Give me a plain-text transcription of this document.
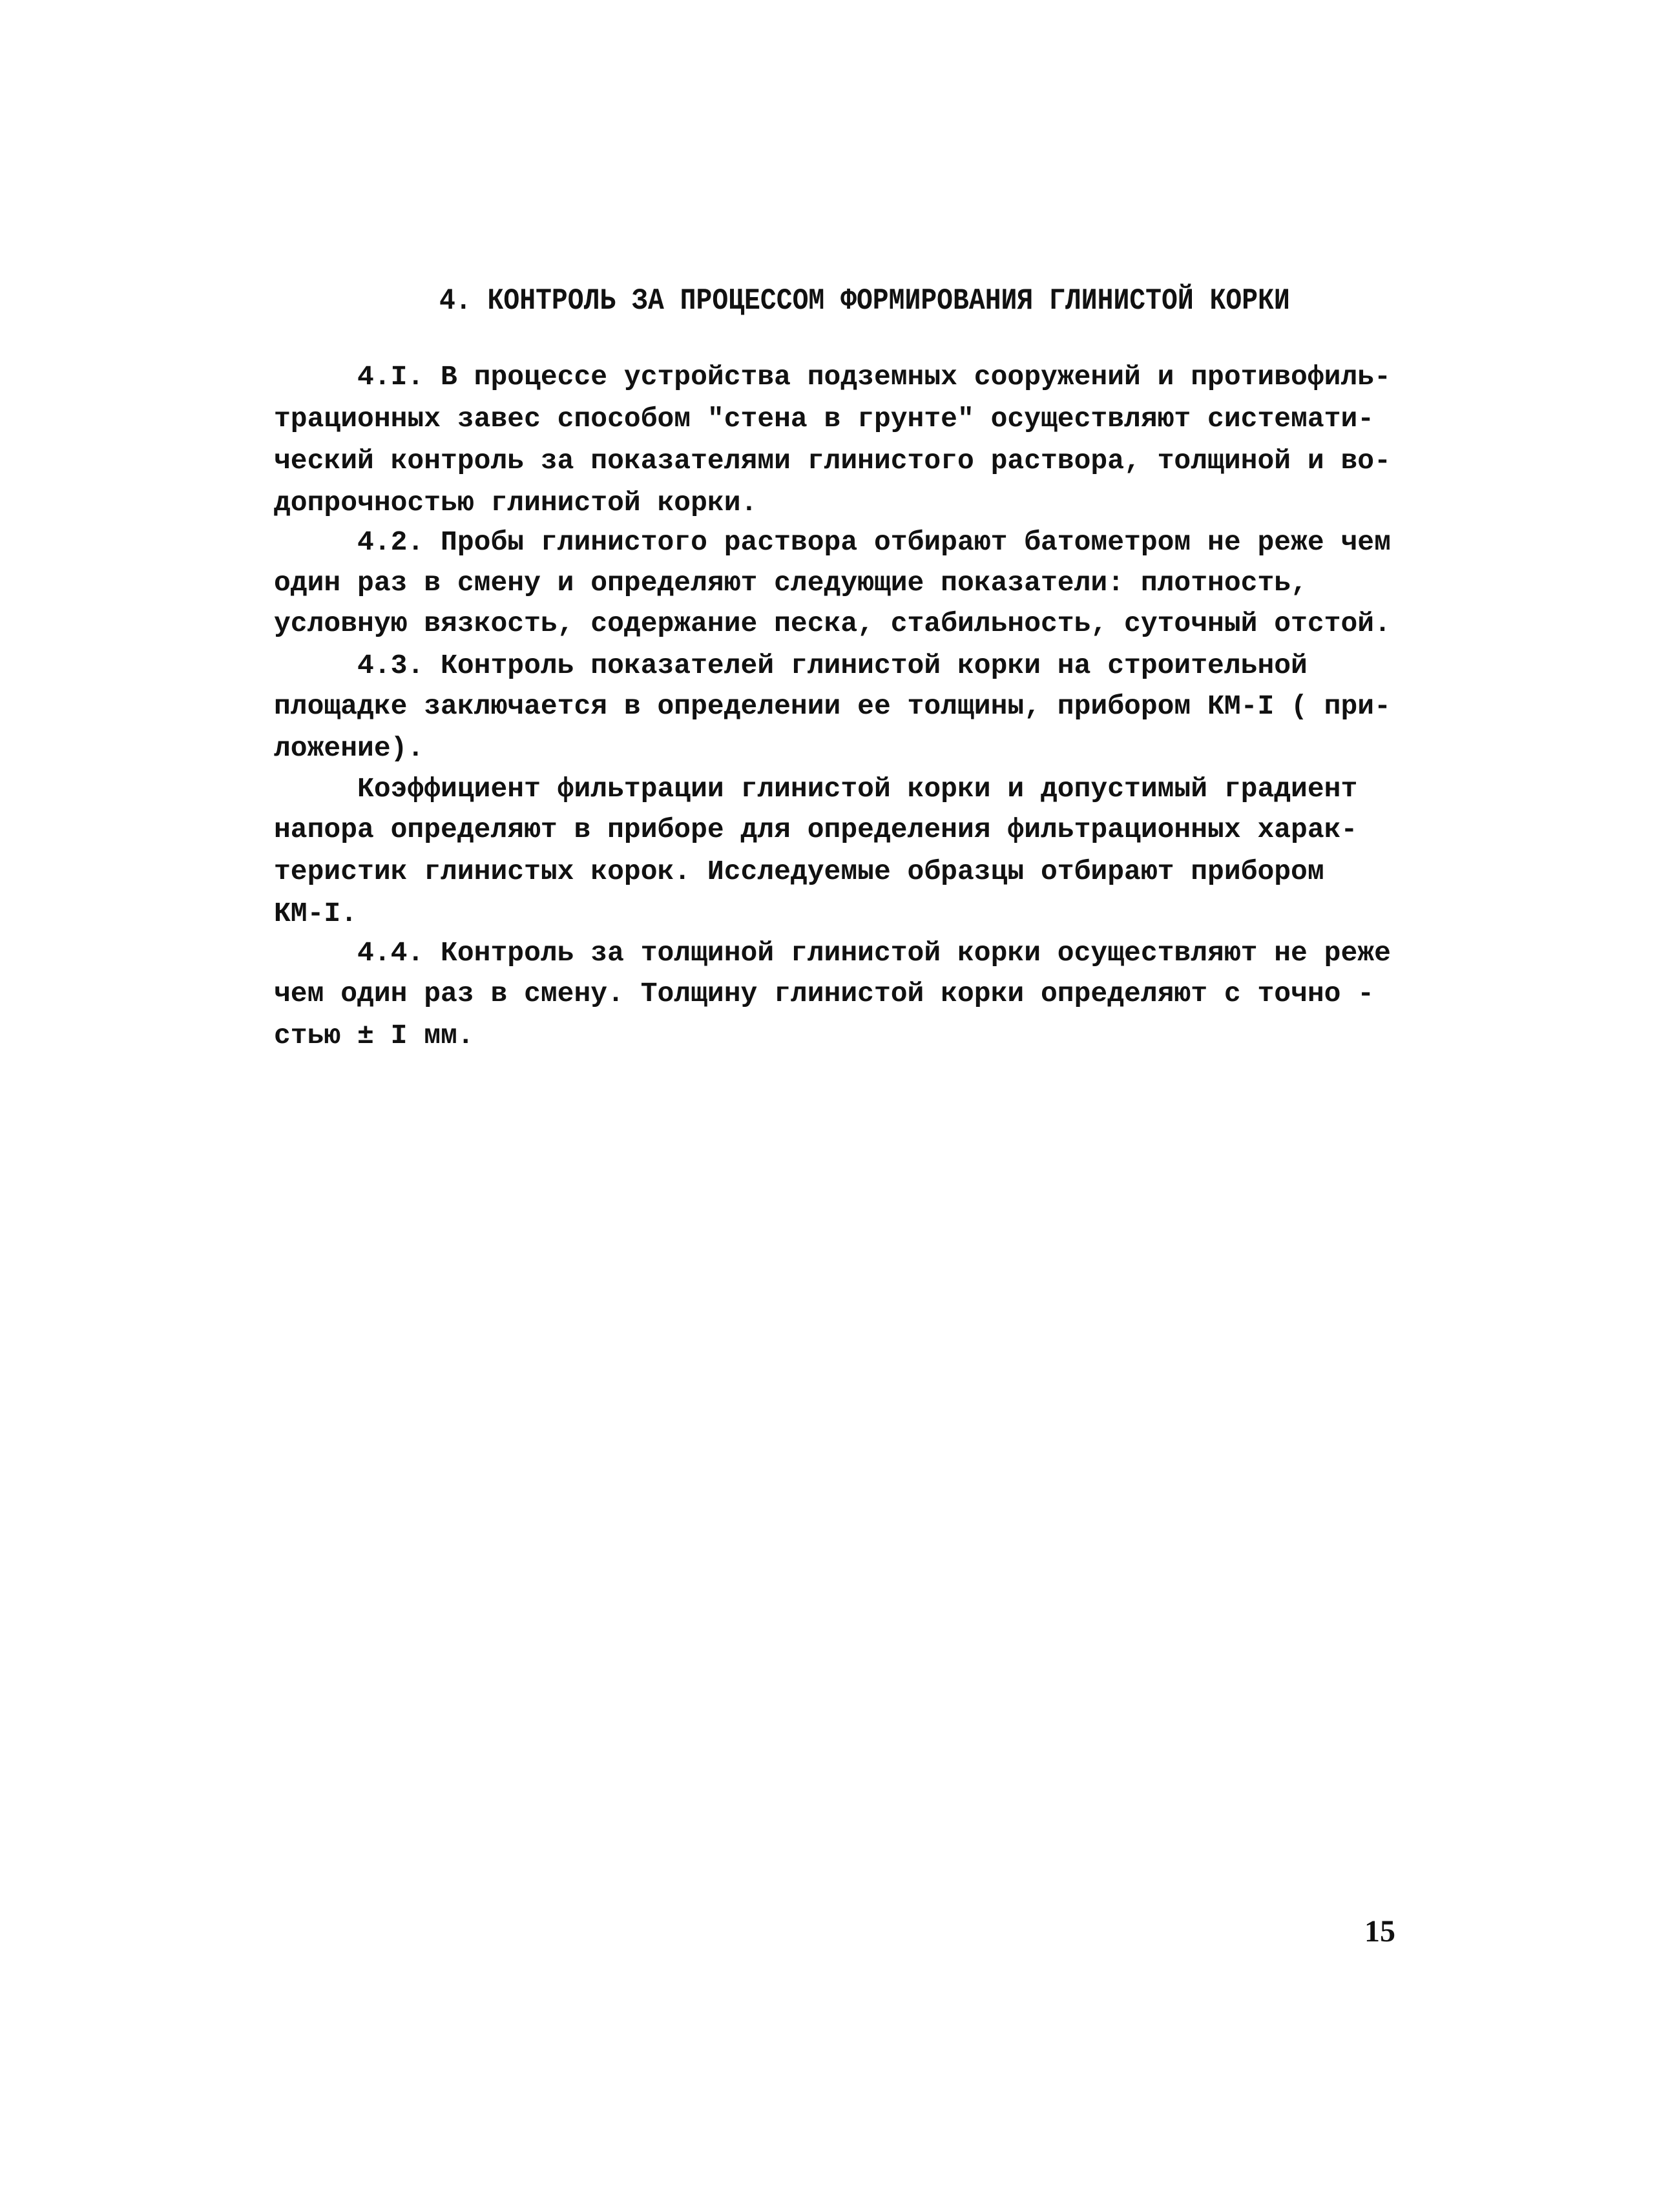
4. КОНТРОЛЬ ЗА ПРОЦЕССОМ ФОРМИРОВАНИЯ ГЛИНИСТОЙ КОРКИ
4.I. В процессе устройства подземных сооружений и противофиль-
трационных завес способом "стена в грунте" осуществляют системати-
ческий контроль за показателями глинистого раствора, толщиной и во-
допрочностью глинистой корки.
4.2. Пробы глинистого раствора отбирают батометром не реже чем
один раз в смену и определяют следующие показатели: плотность,
условную вязкость, содержание песка, стабильность, суточный отстой.
4.3. Контроль показателей глинистой корки на строительной
площадке заключается в определении ее толщины, прибором КМ-I ( при-
ложение).
Коэффициент фильтрации глинистой корки и допустимый градиент
напора определяют в приборе для определения фильтрационных харак-
теристик глинистых корок. Исследуемые образцы отбирают прибором
КМ-I.
4.4. Контроль за толщиной глинистой корки осуществляют не реже
чем один раз в смену. Толщину глинистой корки определяют с точно -
стью ± I мм.
15
